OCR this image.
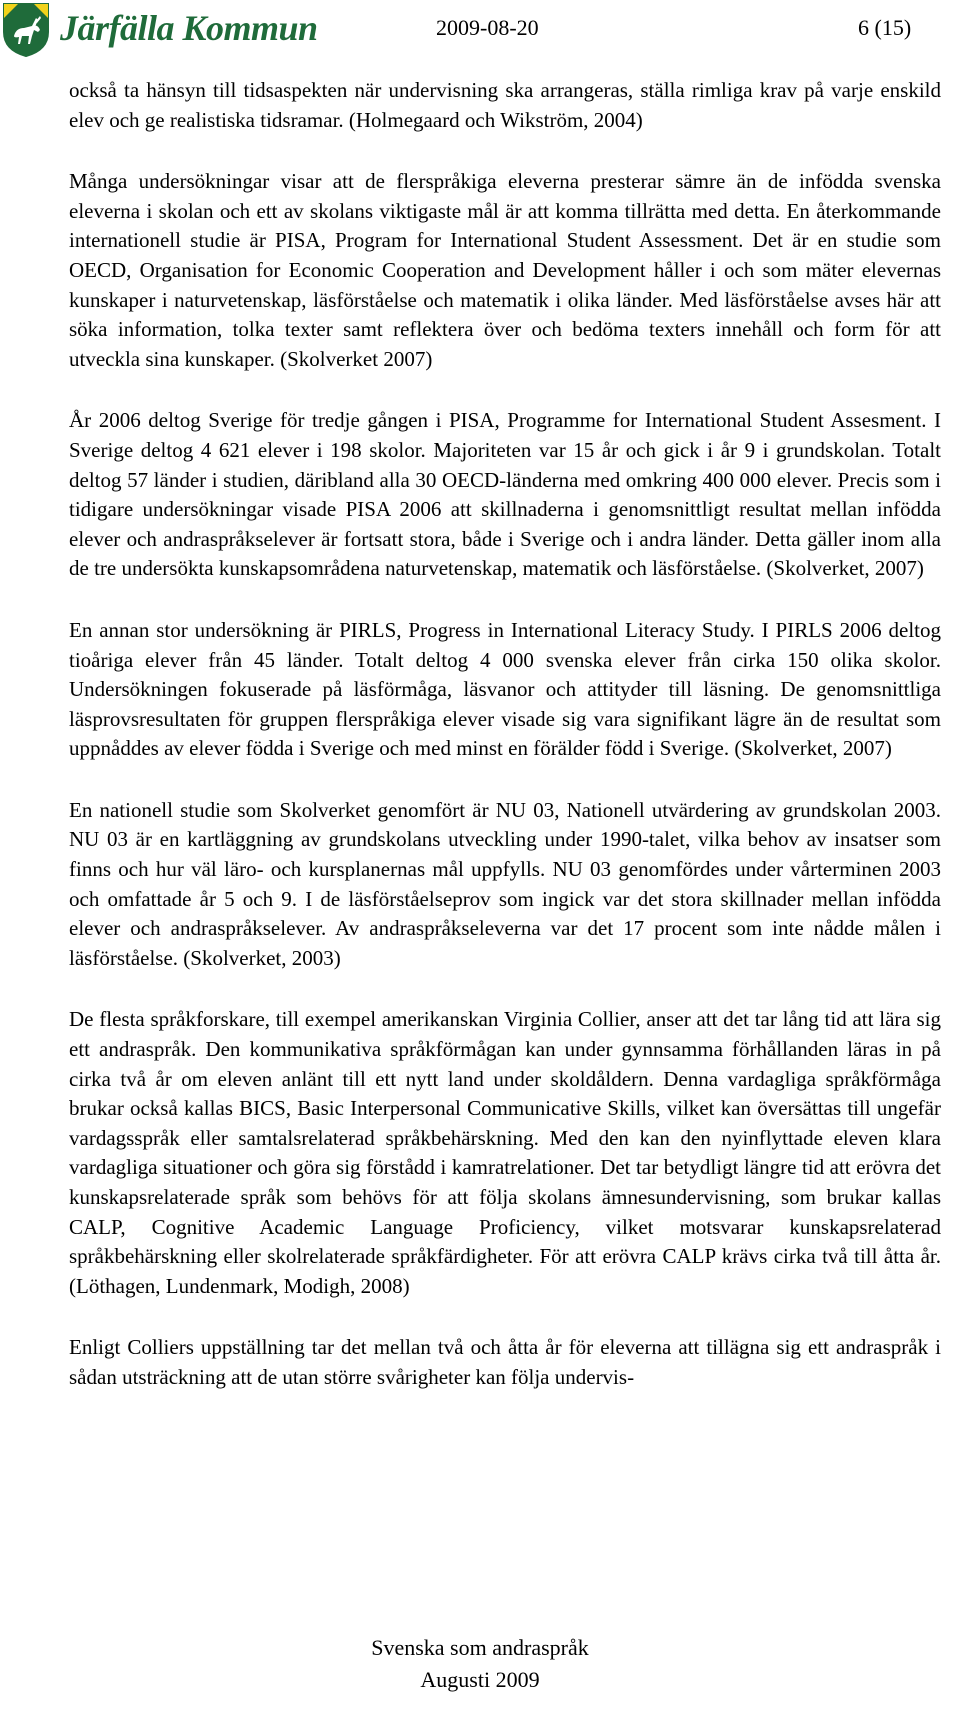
Järfälla Kommun	2009-08-20	6 (15)

också ta hänsyn till tidsaspekten när undervisning ska arrangeras, ställa rimliga krav på varje enskild elev och ge realistiska tidsramar. (Holmegaard och Wikström, 2004)

Många undersökningar visar att de flerspråkiga eleverna presterar sämre än de infödda svenska eleverna i skolan och ett av skolans viktigaste mål är att komma tillrätta med detta. En återkommande internationell studie är PISA, Program for International Student Assessment. Det är en studie som OECD, Organisation for Economic Cooperation and Development håller i och som mäter elevernas kunskaper i naturvetenskap, läsförståelse och matematik i olika länder. Med läsförståelse avses här att söka information, tolka texter samt reflektera över och bedöma texters innehåll och form för att utveckla sina kunskaper. (Skolverket 2007)

År 2006 deltog Sverige för tredje gången i PISA, Programme for International Student Assesment. I Sverige deltog 4 621 elever i 198 skolor. Majoriteten var 15 år och gick i år 9 i grundskolan. Totalt deltog 57 länder i studien, däribland alla 30 OECD-länderna med omkring 400 000 elever. Precis som i tidigare undersökningar visade PISA 2006 att skillnaderna i genomsnittligt resultat mellan infödda elever och andraspråkselever är fortsatt stora, både i Sverige och i andra länder. Detta gäller inom alla de tre undersökta kunskapsområdena naturvetenskap, matematik och läsförståelse. (Skolverket, 2007)

En annan stor undersökning är PIRLS, Progress in International Literacy Study. I PIRLS 2006 deltog tioåriga elever från 45 länder. Totalt deltog 4 000 svenska elever från cirka 150 olika skolor. Undersökningen fokuserade på läsförmåga, läsvanor och attityder till läsning. De genomsnittliga läsprovsresultaten för gruppen flerspråkiga elever visade sig vara signifikant lägre än de resultat som uppnåddes av elever födda i Sverige och med minst en förälder född i Sverige. (Skolverket, 2007)

En nationell studie som Skolverket genomfört är NU 03, Nationell utvärdering av grundskolan 2003. NU 03 är en kartläggning av grundskolans utveckling under 1990-talet, vilka behov av insatser som finns och hur väl läro- och kursplanernas mål uppfylls. NU 03 genomfördes under vårterminen 2003 och omfattade år 5 och 9. I de läsförståelseprov som ingick var det stora skillnader mellan infödda elever och andraspråkselever. Av andraspråkseleverna var det 17 procent som inte nådde målen i läsförståelse. (Skolverket, 2003)

De flesta språkforskare, till exempel amerikanskan Virginia Collier, anser att det tar lång tid att lära sig ett andraspråk. Den kommunikativa språkförmågan kan under gynnsamma förhållanden läras in på cirka två år om eleven anlänt till ett nytt land under skoldåldern. Denna vardagliga språkförmåga brukar också kallas BICS, Basic Interpersonal Communicative Skills, vilket kan översättas till ungefär vardagsspråk eller samtalsrelaterad språkbehärskning. Med den kan den nyinflyttade eleven klara vardagliga situationer och göra sig förstådd i kamratrelationer. Det tar betydligt längre tid att erövra det kunskapsrelaterade språk som behövs för att följa skolans ämnesundervisning, som brukar kallas CALP, Cognitive Academic Language Proficiency, vilket motsvarar kunskapsrelaterad språkbehärskning eller skolrelaterade språkfärdigheter. För att erövra CALP krävs cirka två till åtta år. (Löthagen, Lundenmark, Modigh, 2008)

Enligt Colliers uppställning tar det mellan två och åtta år för eleverna att tillägna sig ett andraspråk i sådan utsträckning att de utan större svårigheter kan följa undervis-

Svenska som andraspråk
Augusti 2009
